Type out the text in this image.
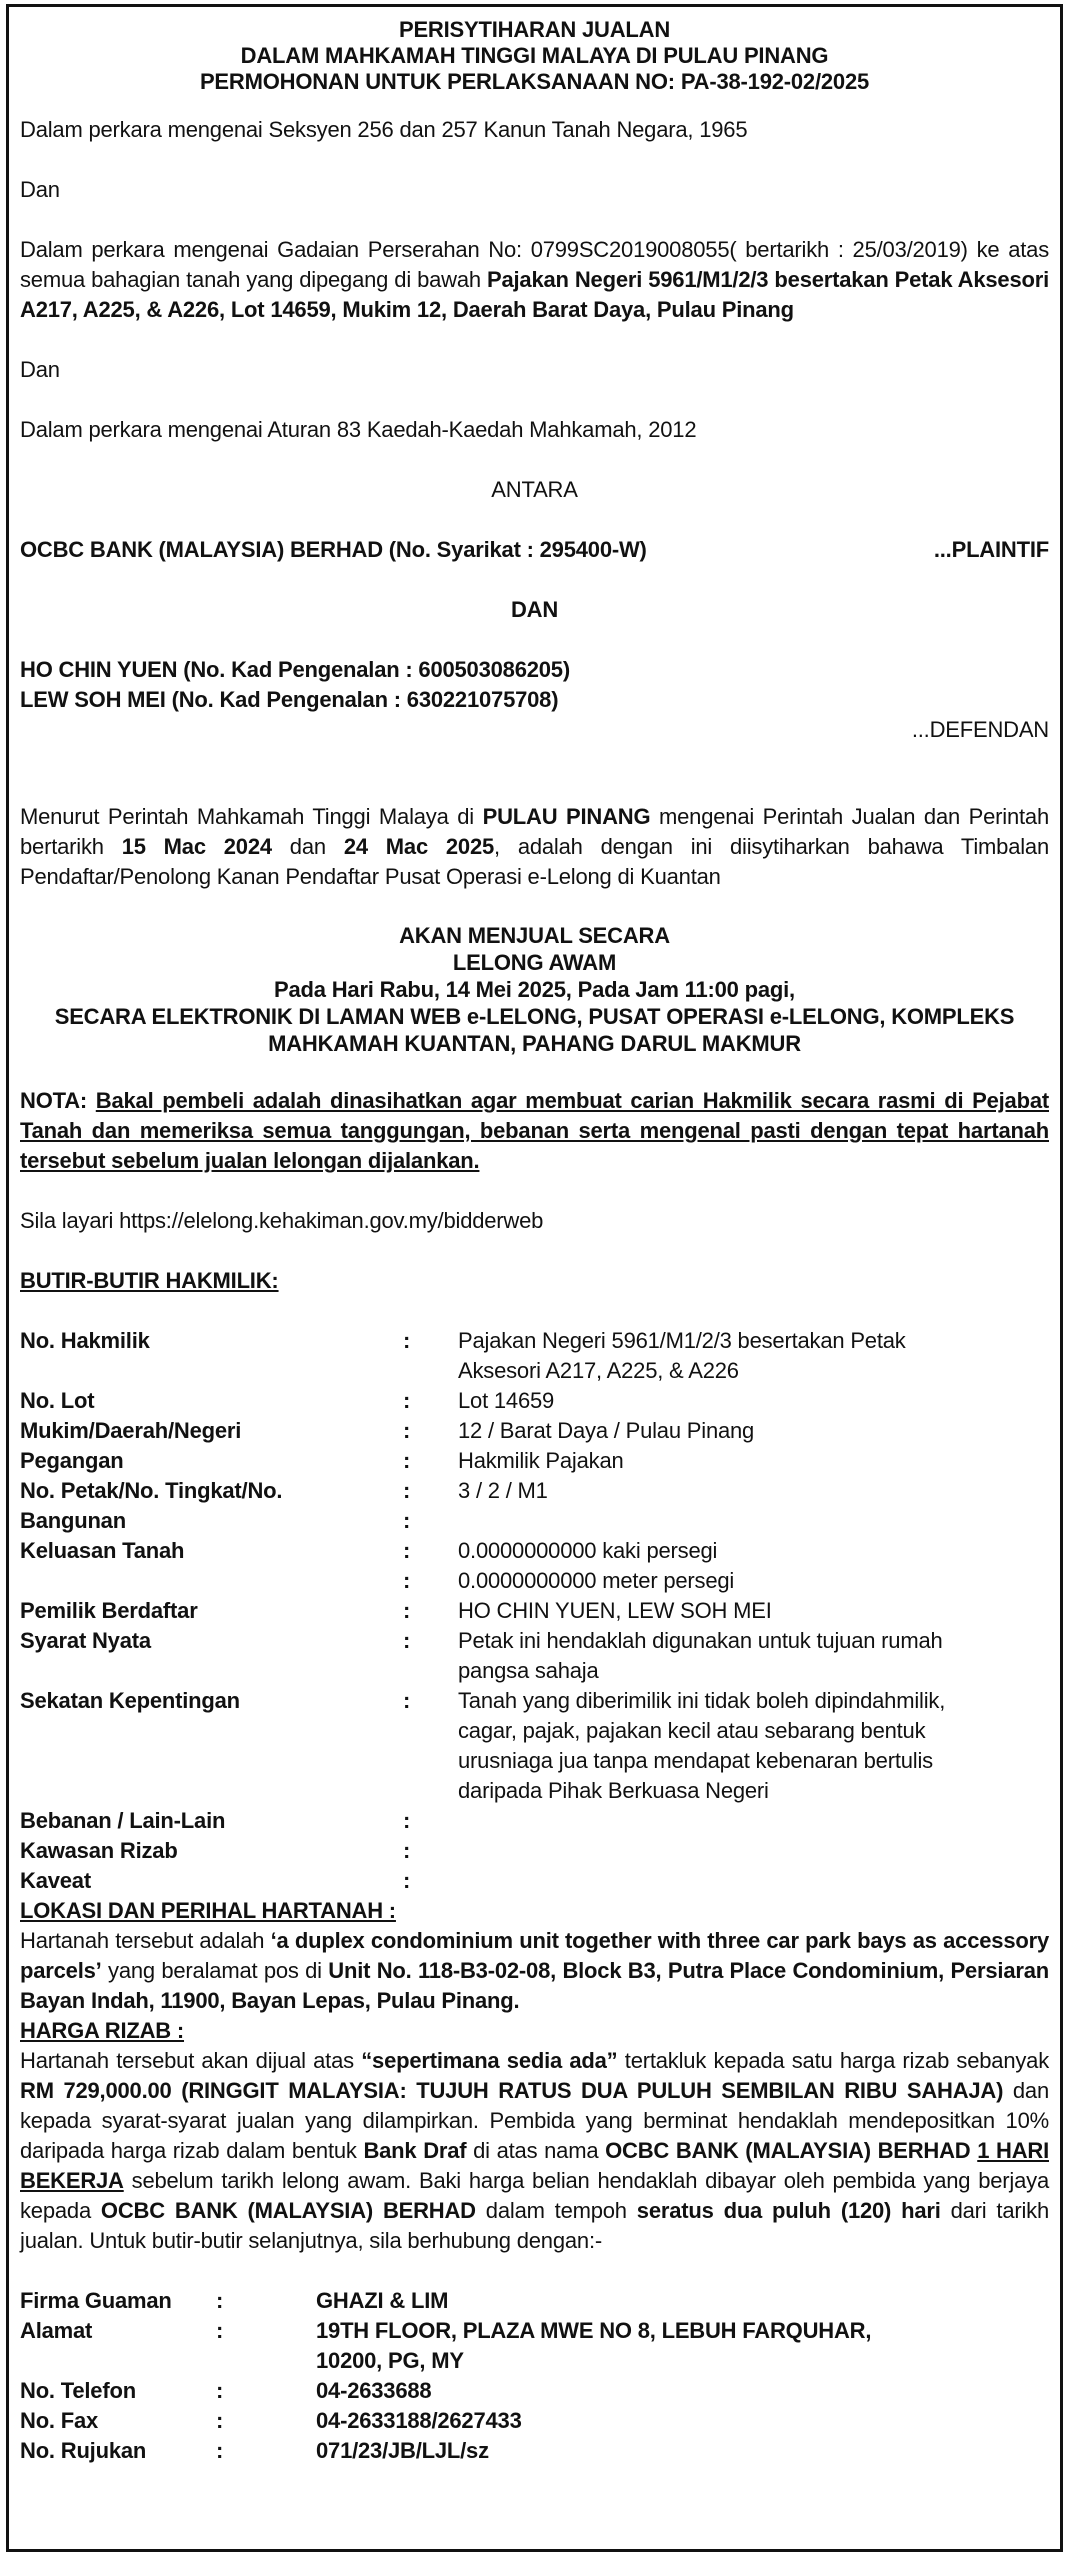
PERISYTIHARAN JUALAN
DALAM MAHKAMAH TINGGI MALAYA DI PULAU PINANG
PERMOHONAN UNTUK PERLAKSANAAN NO: PA-38-192-02/2025
Dalam perkara mengenai Seksyen 256 dan 257 Kanun Tanah Negara, 1965
Dan
Dalam perkara mengenai Gadaian Perserahan No: 0799SC2019008055( bertarikh : 25/03/2019) ke atas semua bahagian tanah yang dipegang di bawah Pajakan Negeri 5961/M1/2/3 besertakan Petak Aksesori A217, A225, & A226, Lot 14659, Mukim 12, Daerah Barat Daya, Pulau Pinang
Dan
Dalam perkara mengenai Aturan 83 Kaedah-Kaedah Mahkamah, 2012
ANTARA
OCBC BANK (MALAYSIA) BERHAD (No. Syarikat : 295400-W)	...PLAINTIF
DAN
HO CHIN YUEN (No. Kad Pengenalan : 600503086205)
LEW SOH MEI (No. Kad Pengenalan : 630221075708)
...DEFENDAN
Menurut Perintah Mahkamah Tinggi Malaya di PULAU PINANG mengenai Perintah Jualan dan Perintah bertarikh 15 Mac 2024 dan 24 Mac 2025, adalah dengan ini diisytiharkan bahawa Timbalan Pendaftar/Penolong Kanan Pendaftar Pusat Operasi e-Lelong di Kuantan
AKAN MENJUAL SECARA
LELONG AWAM
Pada Hari Rabu, 14 Mei 2025, Pada Jam 11:00 pagi,
SECARA ELEKTRONIK DI LAMAN WEB e-LELONG, PUSAT OPERASI e-LELONG, KOMPLEKS
MAHKAMAH KUANTAN, PAHANG DARUL MAKMUR
NOTA: Bakal pembeli adalah dinasihatkan agar membuat carian Hakmilik secara rasmi di Pejabat Tanah dan memeriksa semua tanggungan, bebanan serta mengenal pasti dengan tepat hartanah tersebut sebelum jualan lelongan dijalankan.
Sila layari https://elelong.kehakiman.gov.my/bidderweb
BUTIR-BUTIR HAKMILIK:
No. Hakmilik	:	Pajakan Negeri 5961/M1/2/3 besertakan Petak
Aksesori A217, A225, & A226
No. Lot	:	Lot 14659
Mukim/Daerah/Negeri	:	12 / Barat Daya / Pulau Pinang
Pegangan	:	Hakmilik Pajakan
No. Petak/No. Tingkat/No.	:	3 / 2 / M1
Bangunan	:

Keluasan Tanah	:	0.0000000000 kaki persegi

:	0.0000000000 meter persegi
Pemilik Berdaftar	:	HO CHIN YUEN, LEW SOH MEI
Syarat Nyata	:	Petak ini hendaklah digunakan untuk tujuan rumah
pangsa sahaja
Sekatan Kepentingan	:	Tanah yang diberimilik ini tidak boleh dipindahmilik,
cagar, pajak, pajakan kecil atau sebarang bentuk
urusniaga jua tanpa mendapat kebenaran bertulis
daripada Pihak Berkuasa Negeri
Bebanan / Lain-Lain	:

Kawasan Rizab	:

Kaveat	:

LOKASI DAN PERIHAL HARTANAH :
Hartanah tersebut adalah ‘a duplex condominium unit together with three car park bays as accessory parcels’ yang beralamat pos di Unit No. 118-B3-02-08, Block B3, Putra Place Condominium, Persiaran Bayan Indah, 11900, Bayan Lepas, Pulau Pinang.
HARGA RIZAB :
Hartanah tersebut akan dijual atas “sepertimana sedia ada” tertakluk kepada satu harga rizab sebanyak RM 729,000.00 (RINGGIT MALAYSIA: TUJUH RATUS DUA PULUH SEMBILAN RIBU SAHAJA) dan kepada syarat-syarat jualan yang dilampirkan. Pembida yang berminat hendaklah mendepositkan 10% daripada harga rizab dalam bentuk Bank Draf di atas nama OCBC BANK (MALAYSIA) BERHAD 1 HARI BEKERJA sebelum tarikh lelong awam. Baki harga belian hendaklah dibayar oleh pembida yang berjaya kepada OCBC BANK (MALAYSIA) BERHAD dalam tempoh seratus dua puluh (120) hari dari tarikh jualan. Untuk butir-butir selanjutnya, sila berhubung dengan:-
Firma Guaman	:	GHAZI & LIM
Alamat	:	19TH FLOOR, PLAZA MWE NO 8, LEBUH FARQUHAR,
10200, PG, MY
No. Telefon	:	04-2633688
No. Fax	:	04-2633188/2627433
No. Rujukan	:	071/23/JB/LJL/sz
